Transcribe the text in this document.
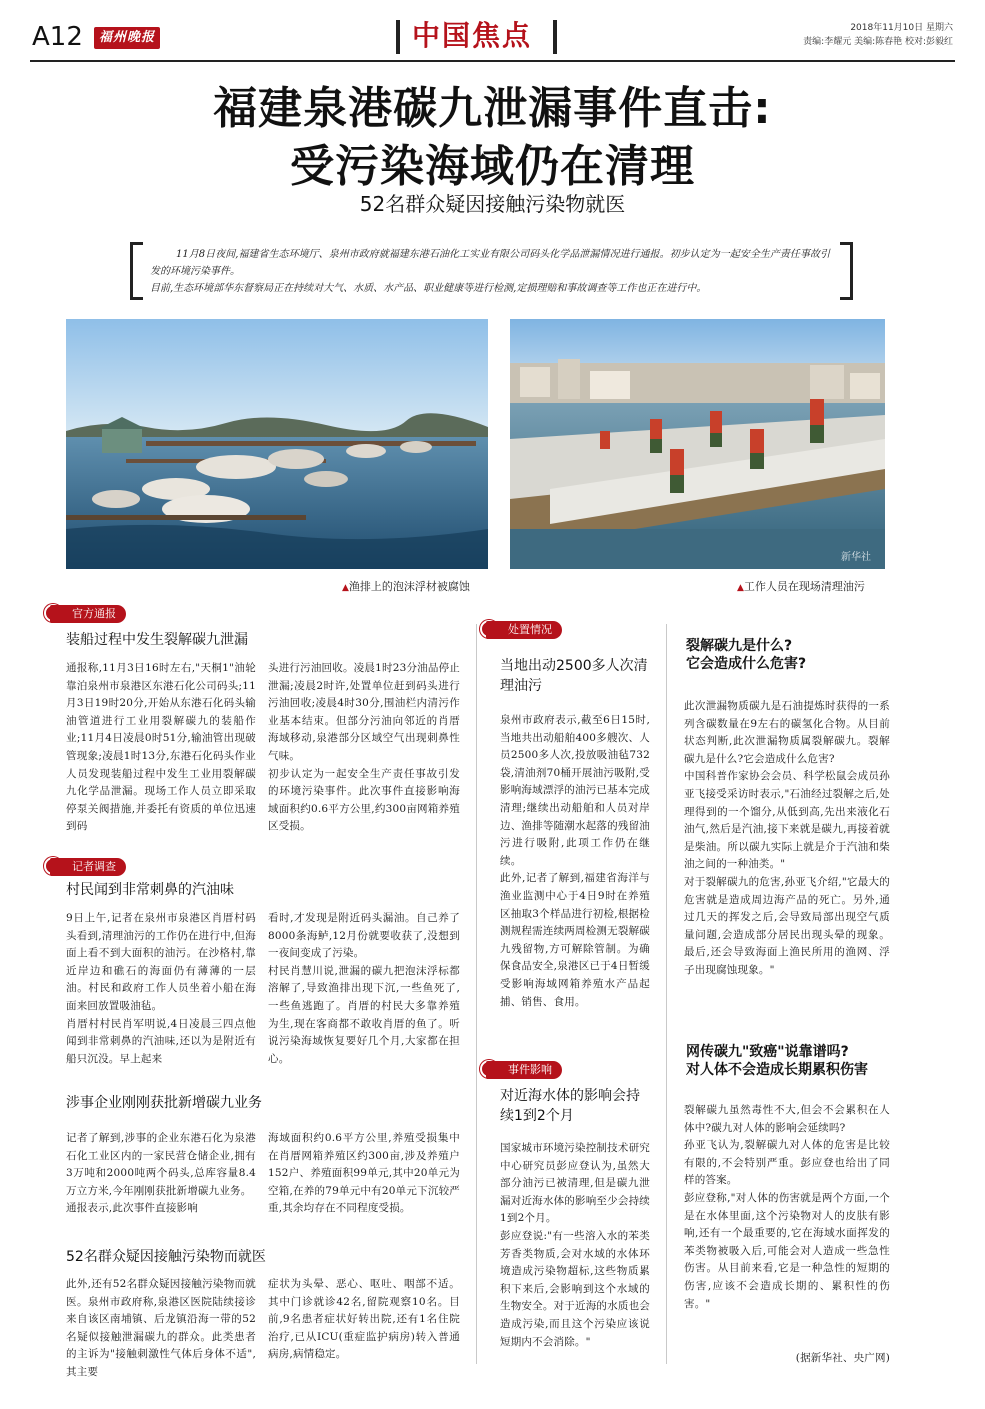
A12	福州晚报	中国焦点	2018年11月10日 星期六
责编:李耀元 美编:陈春艳 校对:彭毅红
福建泉港碳九泄漏事件直击:
受污染海域仍在清理
52名群众疑因接触污染物就医
11月8日夜间,福建省生态环境厅、泉州市政府就福建东港石油化工实业有限公司码头化学品泄漏情况进行通报。初步认定为一起安全生产责任事故引发的环境污染事件。
目前,生态环境部华东督察局正在持续对大气、水质、水产品、职业健康等进行检测,定损理赔和事故调查等工作也正在进行中。
▲渔排上的泡沫浮材被腐蚀
新华社
▲工作人员在现场清理油污
官方通报
装船过程中发生裂解碳九泄漏
通报称,11月3日16时左右,"天桐1"油轮靠泊泉州市泉港区东港石化公司码头;11月3日19时20分,开始从东港石化码头输油管道进行工业用裂解碳九的装船作业;11月4日凌晨0时51分,输油管出现破管现象;凌晨1时13分,东港石化码头作业人员发现装船过程中发生工业用裂解碳九化学品泄漏。现场工作人员立即采取停泵关阀措施,并委托有资质的单位迅速到码
头进行污油回收。凌晨1时23分油品停止泄漏;凌晨2时许,处置单位赶到码头进行污油回收;凌晨4时30分,围油栏内清污作业基本结束。但部分污油向邻近的肖厝海域移动,泉港部分区域空气出现刺鼻性气味。
初步认定为一起安全生产责任事故引发的环境污染事件。此次事件直接影响海域面积约0.6平方公里,约300亩网箱养殖区受损。
记者调查
村民闻到非常刺鼻的汽油味
9日上午,记者在泉州市泉港区肖厝村码头看到,清理油污的工作仍在进行中,但海面上看不到大面积的油污。在沙格村,靠近岸边和礁石的海面仍有薄薄的一层油。村民和政府工作人员坐着小船在海面来回放置吸油毡。
肖厝村村民肖军明说,4日凌晨三四点他闻到非常刺鼻的汽油味,还以为是附近有船只沉没。早上起来
看时,才发现是附近码头漏油。自己养了8000条海鲈,12月份就要收获了,没想到一夜间变成了污染。
村民肖慧川说,泄漏的碳九把泡沫浮标都溶解了,导致渔排出现下沉,一些鱼死了,一些鱼逃跑了。肖厝的村民大多靠养殖为生,现在客商都不敢收肖厝的鱼了。听说污染海域恢复要好几个月,大家都在担心。
涉事企业刚刚获批新增碳九业务
记者了解到,涉事的企业东港石化为泉港石化工业区内的一家民营仓储企业,拥有3万吨和2000吨两个码头,总库容量8.4万立方米,今年刚刚获批新增碳九业务。
通报表示,此次事件直接影响
海域面积约0.6平方公里,养殖受损集中在肖厝网箱养殖区约300亩,涉及养殖户152户、养殖面积99单元,其中20单元为空箱,在养的79单元中有20单元下沉较严重,其余均存在不同程度受损。
52名群众疑因接触污染物而就医
此外,还有52名群众疑因接触污染物而就医。泉州市政府称,泉港区医院陆续接诊来自该区南埔镇、后龙镇沿海一带的52名疑似接触泄漏碳九的群众。此类患者的主诉为"接触刺激性气体后身体不适",其主要
症状为头晕、恶心、呕吐、咽部不适。其中门诊就诊42名,留院观察10名。目前,9名患者症状好转出院,还有1名住院治疗,已从ICU(重症监护病房)转入普通病房,病情稳定。
处置情况
当地出动2500多人次清理油污
泉州市政府表示,截至6日15时,当地共出动船舶400多艘次、人员2500多人次,投放吸油毡732袋,清油剂70桶开展油污吸附,受影响海域漂浮的油污已基本完成清理;继续出动船舶和人员对岸边、渔排等随潮水起落的残留油污进行吸附,此项工作仍在继续。
此外,记者了解到,福建省海洋与渔业监测中心于4日9时在养殖区抽取3个样品进行初检,根据检测规程需连续两周检测无裂解碳九残留物,方可解除管制。为确保食品安全,泉港区已于4日暂缓受影响海域网箱养殖水产品起捕、销售、食用。
事件影响
对近海水体的影响会持续1到2个月
国家城市环境污染控制技术研究中心研究员彭应登认为,虽然大部分油污已被清理,但是碳九泄漏对近海水体的影响至少会持续1到2个月。
彭应登说:"有一些溶入水的苯类芳香类物质,会对水域的水体环境造成污染物超标,这些物质累积下来后,会影响到这个水域的生物安全。对于近海的水质也会造成污染,而且这个污染应该说短期内不会消除。"
裂解碳九是什么?
它会造成什么危害?
此次泄漏物质碳九是石油提炼时获得的一系列含碳数量在9左右的碳氢化合物。从目前状态判断,此次泄漏物质属裂解碳九。裂解碳九是什么?它会造成什么危害?
中国科普作家协会会员、科学松鼠会成员孙亚飞接受采访时表示,"石油经过裂解之后,处理得到的一个馏分,从低到高,先出来液化石油气,然后是汽油,接下来就是碳九,再接着就是柴油。所以碳九实际上就是介于汽油和柴油之间的一种油类。"
对于裂解碳九的危害,孙亚飞介绍,"它最大的危害就是造成周边海产品的死亡。另外,通过几天的挥发之后,会导致局部出现空气质量问题,会造成部分居民出现头晕的现象。最后,还会导致海面上渔民所用的渔网、浮子出现腐蚀现象。"
网传碳九"致癌"说靠谱吗?
对人体不会造成长期累积伤害
裂解碳九虽然毒性不大,但会不会累积在人体中?碳九对人体的影响会延续吗?
孙亚飞认为,裂解碳九对人体的危害是比较有限的,不会特别严重。彭应登也给出了同样的答案。
彭应登称,"对人体的伤害就是两个方面,一个是在水体里面,这个污染物对人的皮肤有影响,还有一个最重要的,它在海域水面挥发的苯类物被吸入后,可能会对人造成一些急性伤害。从目前来看,它是一种急性的短期的伤害,应该不会造成长期的、累积性的伤害。"
(据新华社、央广网)
